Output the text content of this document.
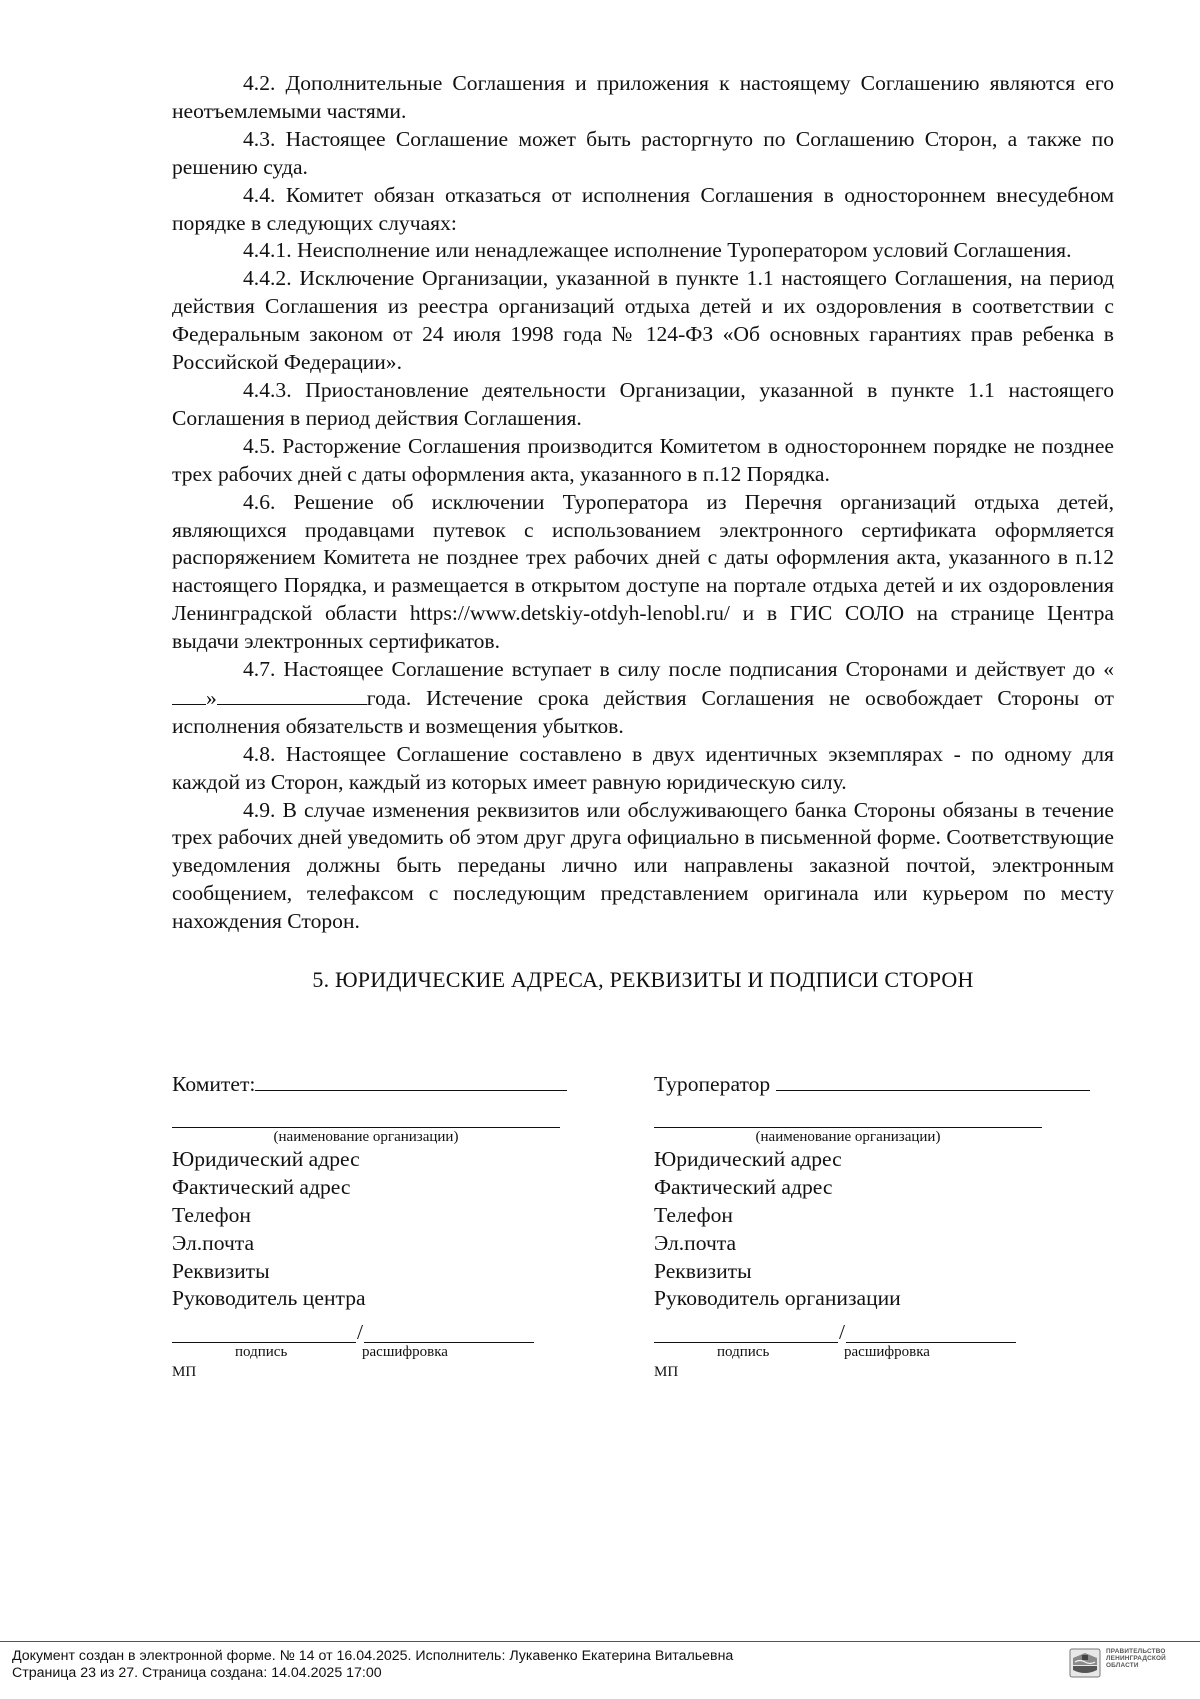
4.2. Дополнительные Соглашения и приложения к настоящему Соглашению являются его неотъемлемыми частями.

4.3. Настоящее Соглашение может быть расторгнуто по Соглашению Сторон, а также по решению суда.

4.4. Комитет обязан отказаться от исполнения Соглашения в одностороннем внесудебном порядке в следующих случаях:

4.4.1. Неисполнение или ненадлежащее исполнение Туроператором условий Соглашения.

4.4.2. Исключение Организации, указанной в пункте 1.1 настоящего Соглашения, на период действия Соглашения из реестра организаций отдыха детей и их оздоровления в соответствии с Федеральным законом от 24 июля 1998 года № 124-ФЗ «Об основных гарантиях прав ребенка в Российской Федерации».

4.4.3. Приостановление деятельности Организации, указанной в пункте 1.1 настоящего Соглашения в период действия Соглашения.

4.5. Расторжение Соглашения производится Комитетом в одностороннем порядке не позднее трех рабочих дней с даты оформления акта, указанного в п.12 Порядка.

4.6. Решение об исключении Туроператора из Перечня организаций отдыха детей, являющихся продавцами путевок с использованием электронного сертификата оформляется распоряжением Комитета не позднее трех рабочих дней с даты оформления акта, указанного в п.12 настоящего Порядка, и размещается в открытом доступе на портале отдыха детей и их оздоровления Ленинградской области https://www.detskiy-otdyh-lenobl.ru/ и в ГИС СОЛО на странице Центра выдачи электронных сертификатов.

4.7. Настоящее Соглашение вступает в силу после подписания Сторонами и действует до «»	года. Истечение срока действия Соглашения не освобождает Стороны от исполнения обязательств и возмещения убытков.

4.8. Настоящее Соглашение составлено в двух идентичных экземплярах - по одному для каждой из Сторон, каждый из которых имеет равную юридическую силу.

4.9. В случае изменения реквизитов или обслуживающего банка Стороны обязаны в течение трех рабочих дней уведомить об этом друг друга официально в письменной форме. Соответствующие уведомления должны быть переданы лично или направлены заказной почтой, электронным сообщением, телефаксом с последующим представлением оригинала или курьером по месту нахождения Сторон.

5. ЮРИДИЧЕСКИЕ АДРЕСА, РЕКВИЗИТЫ И ПОДПИСИ СТОРОН
Комитет:
(наименование организации)
Юридический адрес
Фактический адрес
Телефон
Эл.почта
Реквизиты
Руководитель центра
/
подпись	расшифровка
МП
Туроператор
(наименование организации)
Юридический адрес
Фактический адрес
Телефон
Эл.почта
Реквизиты
Руководитель организации
/
подпись	расшифровка
МП
Документ создан в электронной форме. № 14 от 16.04.2025. Исполнитель: Лукавенко Екатерина Витальевна
Страница 23 из 27. Страница создана: 14.04.2025 17:00
ПРАВИТЕЛЬСТВО
ЛЕНИНГРАДСКОЙ
ОБЛАСТИ
